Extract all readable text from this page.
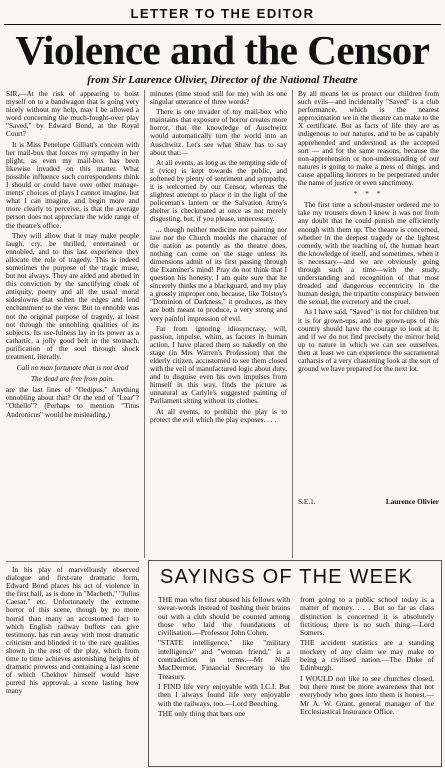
LETTER TO THE EDITOR
Violence and the Censor
from Sir Laurence Olivier, Director of the National Theatre

SIR,—At the risk of appearing to hoist myself on to a bandwagon that is going very nicely without my help, may I be allowed a word concerning the much-fought-over play "Saved," by Edward Bond, at the Royal Court?

It is Miss Penelope Gilliatt's concern with her mail-box that forces my sympathy in her plight, as even my mail-box has been likewise invaded on this matter. What possible influence such correspondents think I should or could have over other manage-ments' choices of plays I cannot imagine, but what I can imagine, and begin more and more clearly to perceive, is that the average person does not appreciate the wide range of the theatre's office.

They will allow that it may make people laugh, cry, be thrilled, entertained or ennobled, and to this last experience they allocate the role of tragedy. This is indeed sometimes the purpose of the tragic muse, but not always. They are aided and abetted in this conviction by the sanctifying cloak of antiquity, poetry and all the usual moral sideslowns that soften the edges and lend enchantment to the view. But to ennoble was not the original purpose of tragedy, at least not through the ennobling qualities of its subjects. Its use-fulness lay in its power as a cathartic, a jolly good belt in the stomach, purification of the soul through shock treatment, literally.

Call no man fortunate that is not dead

The dead are free from pain.

are the last lines of "Oedipus." Anything ennobling about that? Or the end of "Lear"? "Othello"? (Perhaps to mention "Titus Andronicus" would be misleading.)

minutes (time stood still for me) with its one singular utterance of three words?

There is one invader of my mail-box who maintains that exposure of horror creates more horror, that the knowledge of Auschwitz would automatically turn the world into an Auschwitz. Let's see what Shaw has to say about that:—

At all events, as long as the tempting side of it (vice) is kept towards the public, and softened by plenty of sentiment and sympathy, it is welcomed by our Censor, whereas the slightest attempt to place it in the light of the policeman's lantern or the Salvation Army's shelter is checkmated at once as not merely disgusting, but, if you please, unnecessary.

... though neither medicine nor painting nor law nor the Church moulds the character of the nation as potently as the theatre does, nothing can come on the stage unless its dimensions admit of its first passing through the Examiner's mind! Pray do not think that I question his honesty. I am quite sure that he sincerely thinks me a blackguard, and my play a grossly improper one, because, like Tolstoy's "Dominion of Darkness," it produces, as they are both meant to produce, a very strong and very painful impression of evil.

Far from ignoring idiosyncrasy, will, passion, impulse, whim, as factors in human action, I have placed them so nakedly on the stage (in Mrs Warren's Profession) that the elderly citizen, accustomed to see them closed with the veil of manufactured logic about duty, and to disguise even his own impulses from himself in this way, finds the picture as unnatural as Carlyle's suggested painting of Parliament sitting without its clothes.

At all events, to prohibit the play is to protect the evil which the play exposes. . . .

By all means let us protect our children from such evils—and incidentally "Saved" is a club performance, which is the nearest approximation we in the theatre can make to the X certificate. But as facts of life they are as indigenous to our natures, and to be as capably apprehended and understood as the accepted sort — and for the same reasons, because the non-apprehension or non-understanding of our natures is going to make a mess of things, and cause appalling horrors to be perpetrated under the name of justice or even sanctimony.

* * *

The first time a school-master ordered me to take my trousers down I knew it was not from any doubt that he could punish me efficiently enough with them up. The theatre is concerned, whether in the deepest tragedy or the lightest comedy, with the teaching of, the human heart the knowledge of itself, and sometimes, when it is necessary—and we are obviously going through such a time—with the study, understanding and recognition of that most dreaded and dangerous eccentricity in the human design, the tripartite conspiracy between the sexual, the excretory and the cruel.

As I have said, "Saved" is not for children but it is for grown-ups, and the grown-ups of this country should have the courage to look at it; and if we do not find precisely the mirror held up to nature in which we can see ourselves, then at least we can experience the sacramental catharsis of a very chastening look at the sort of ground we have prepared for the next lot.

S.E.1.	Laurence Olivier

In his play of marvellously observed dialogue and first-rate dramatic form, Edward Bond places his act of violence in the first half, as is done in "Macbeth," "Julius Caesar," etc. Unfortunately the extreme horror of this scene, though by no more horrid than many an accustomed fact to which English railway buffets can give testimony, has run away with most dramatic criticism and blinded it to the rare qualities shown in the rest of the play, which from time to time achieves astonishing heights of dramatic prowess and containing a last scene of which Chekhov himself would have purred his approval, a scene lasting how many

SAYINGS OF THE WEEK

THE man who first abused his fellows with swear-words instead of bashing their brains out with a club should be counted among those who laid the foundations of civilisation.—Professor John Cohen.

"STATE intelligence," like "military intelligence" and "woman friend," is a contradiction in terms.—Mr Niall MacDermot, Financial Secretary to the Treasury.

I FIND life very enjoyable with I.C.I. But then I always found life very enjoyable with the railways, too.—Lord Beeching.

THE only thing that bars one

from going to a public school today is a matter of money. . . . But so far as class distinction is concerned it is absolutely fictitious; there is no such thing.—Lord Somers.

THE accident statistics are a standing mockery of any claim we may make to being a civilised nation.—The Duke of Edinburgh.

I WOULD not like to see churches closed, but there must be more awareness that not everybody who goes into them is honest.—Mr A. W. Grant, general manager of the Ecclesiastical Insurance Office.
